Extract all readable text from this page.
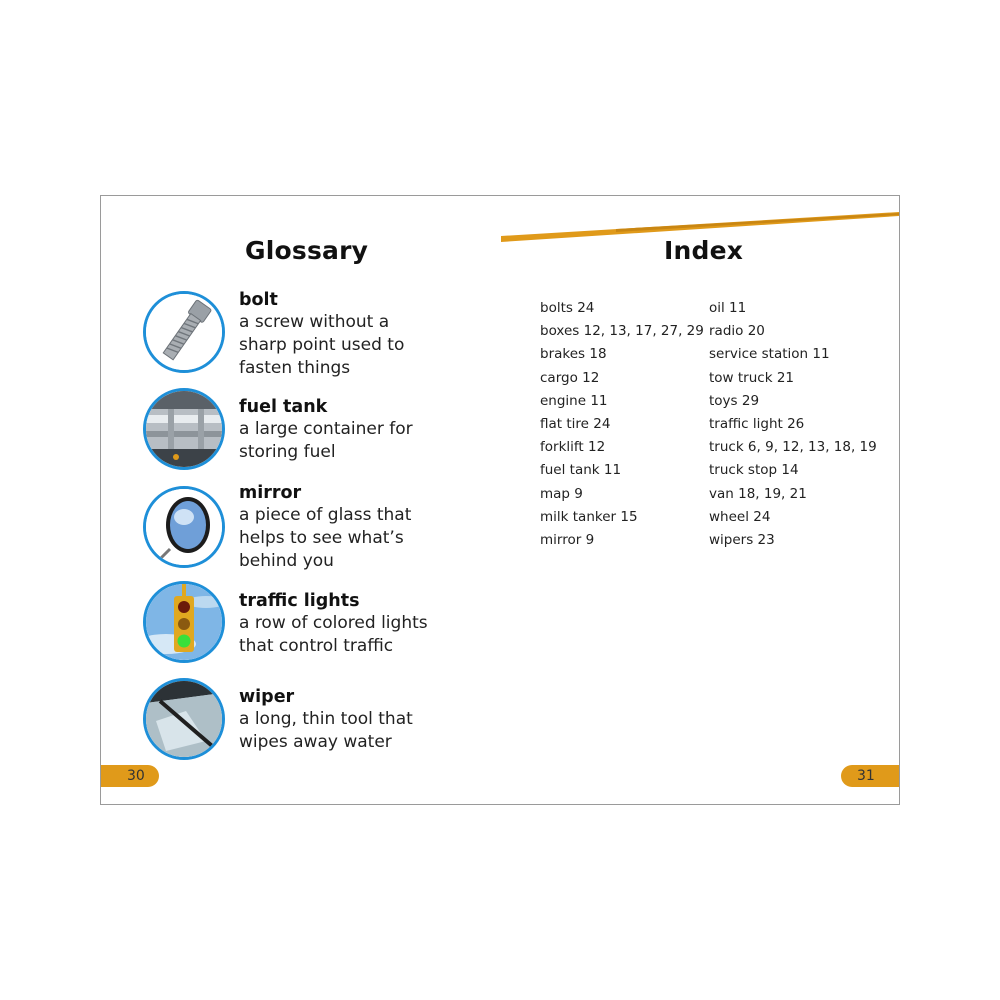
Glossary
bolt
a screw without a
sharp point used to
fasten things
fuel tank
a large container for
storing fuel
mirror
a piece of glass that
helps to see what’s
behind you
traffic lights
a row of colored lights
that control traffic
wiper
a long, thin tool that
wipes away water
30
Index
bolts 24
boxes 12, 13, 17, 27, 29
brakes 18
cargo 12
engine 11
flat tire 24
forklift 12
fuel tank 11
map 9
milk tanker 15
mirror 9
oil 11
radio 20
service station 11
tow truck 21
toys 29
traffic light 26
truck 6, 9, 12, 13, 18, 19
truck stop 14
van 18, 19, 21
wheel 24
wipers 23
31
